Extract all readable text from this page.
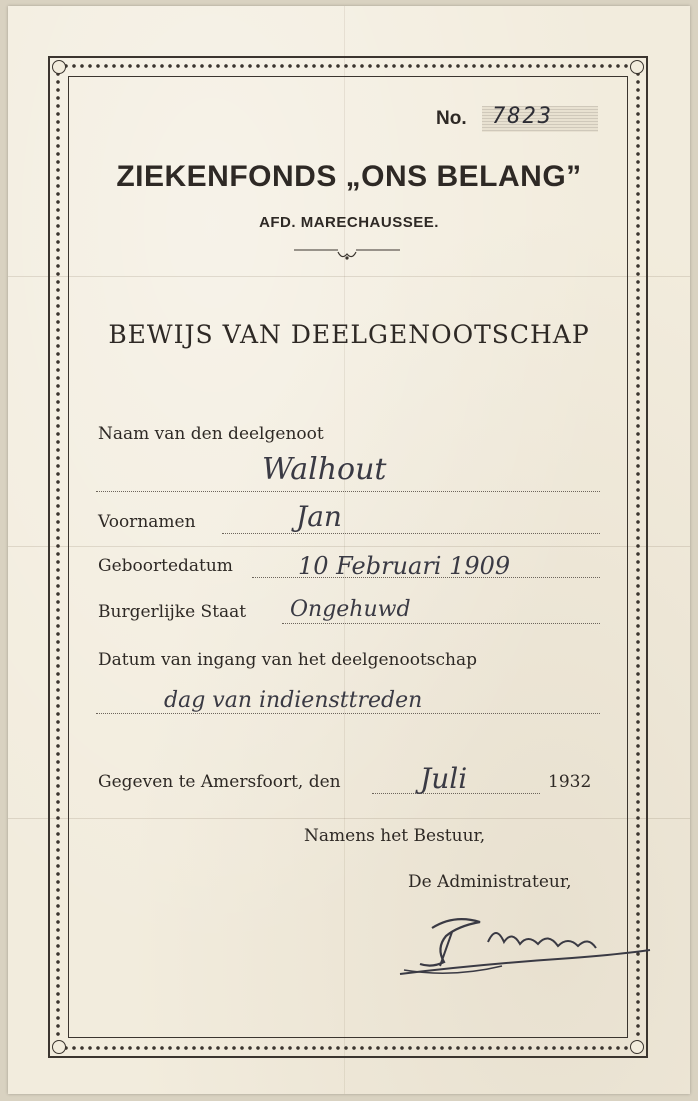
No. 7823
ZIEKENFONDS „ONS BELANG”
AFD. MARECHAUSSEE.
BEWIJS VAN DEELGENOOTSCHAP
Naam van den deelgenoot
Walhout
Voornamen	Jan
Geboortedatum	10 Februari 1909
Burgerlijke Staat Ongehuwd
Datum van ingang van het deelgenootschap
dag van indiensttreden
Gegeven te Amersfoort, den	Juli	1932
Namens het Bestuur,
De Administrateur,
